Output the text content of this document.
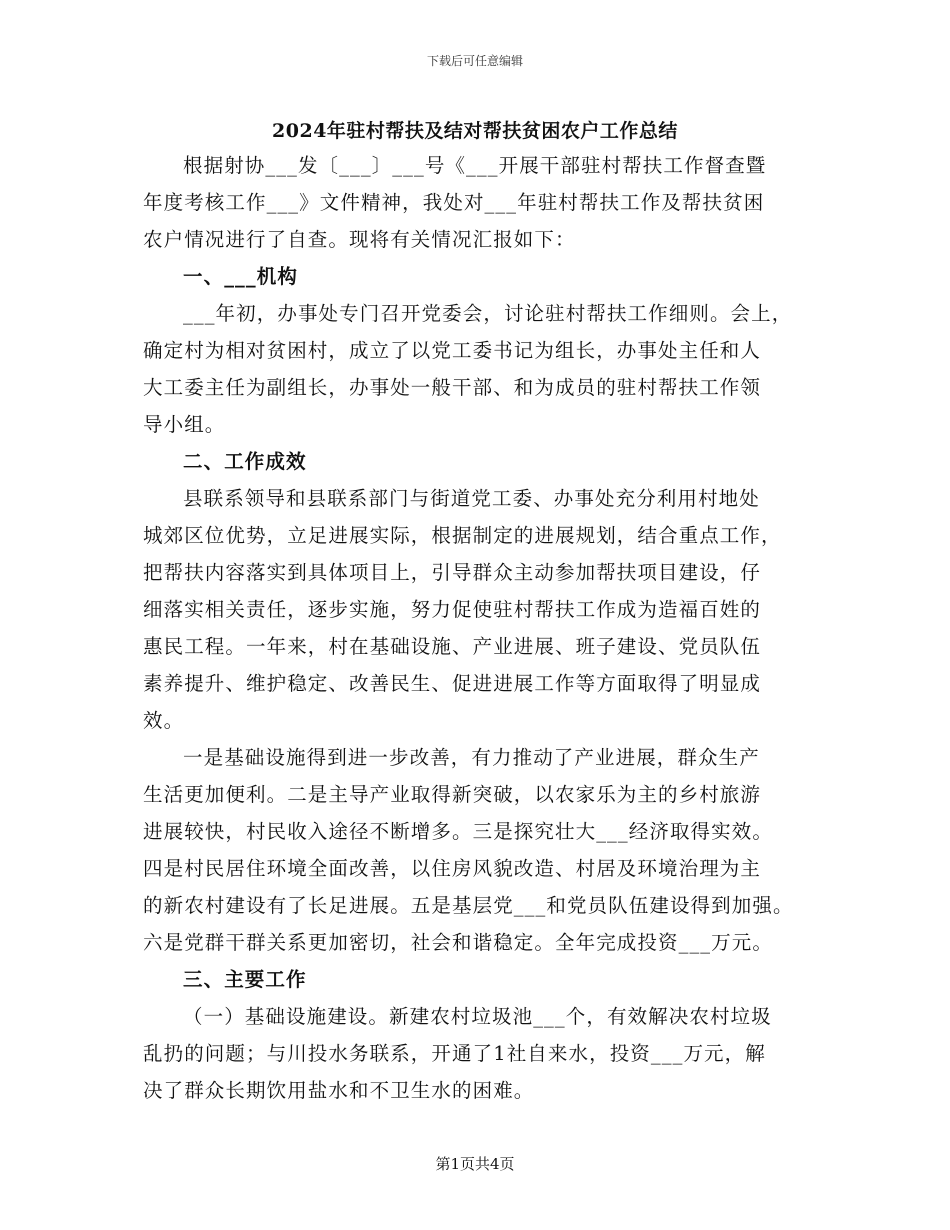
下载后可任意编辑
2024年驻村帮扶及结对帮扶贫困农户工作总结
根据射协___发〔___〕___号《___开展干部驻村帮扶工作督查暨
年度考核工作___》文件精神，我处对___年驻村帮扶工作及帮扶贫困
农户情况进行了自查。现将有关情况汇报如下：
一、___机构
___年初，办事处专门召开党委会，讨论驻村帮扶工作细则。会上，
确定村为相对贫困村，成立了以党工委书记为组长，办事处主任和人
大工委主任为副组长，办事处一般干部、和为成员的驻村帮扶工作领
导小组。
二、工作成效
县联系领导和县联系部门与街道党工委、办事处充分利用村地处
城郊区位优势，立足进展实际，根据制定的进展规划，结合重点工作，
把帮扶内容落实到具体项目上，引导群众主动参加帮扶项目建设，仔
细落实相关责任，逐步实施，努力促使驻村帮扶工作成为造福百姓的
惠民工程。一年来，村在基础设施、产业进展、班子建设、党员队伍
素养提升、维护稳定、改善民生、促进进展工作等方面取得了明显成
效。
一是基础设施得到进一步改善，有力推动了产业进展，群众生产
生活更加便利。二是主导产业取得新突破，以农家乐为主的乡村旅游
进展较快，村民收入途径不断增多。三是探究壮大___经济取得实效。
四是村民居住环境全面改善，以住房风貌改造、村居及环境治理为主
的新农村建设有了长足进展。五是基层党___和党员队伍建设得到加强。
六是党群干群关系更加密切，社会和谐稳定。全年完成投资___万元。
三、主要工作
（一）基础设施建设。新建农村垃圾池___个，有效解决农村垃圾
乱扔的问题；与川投水务联系，开通了1社自来水，投资___万元，解
决了群众长期饮用盐水和不卫生水的困难。
第1页共4页
